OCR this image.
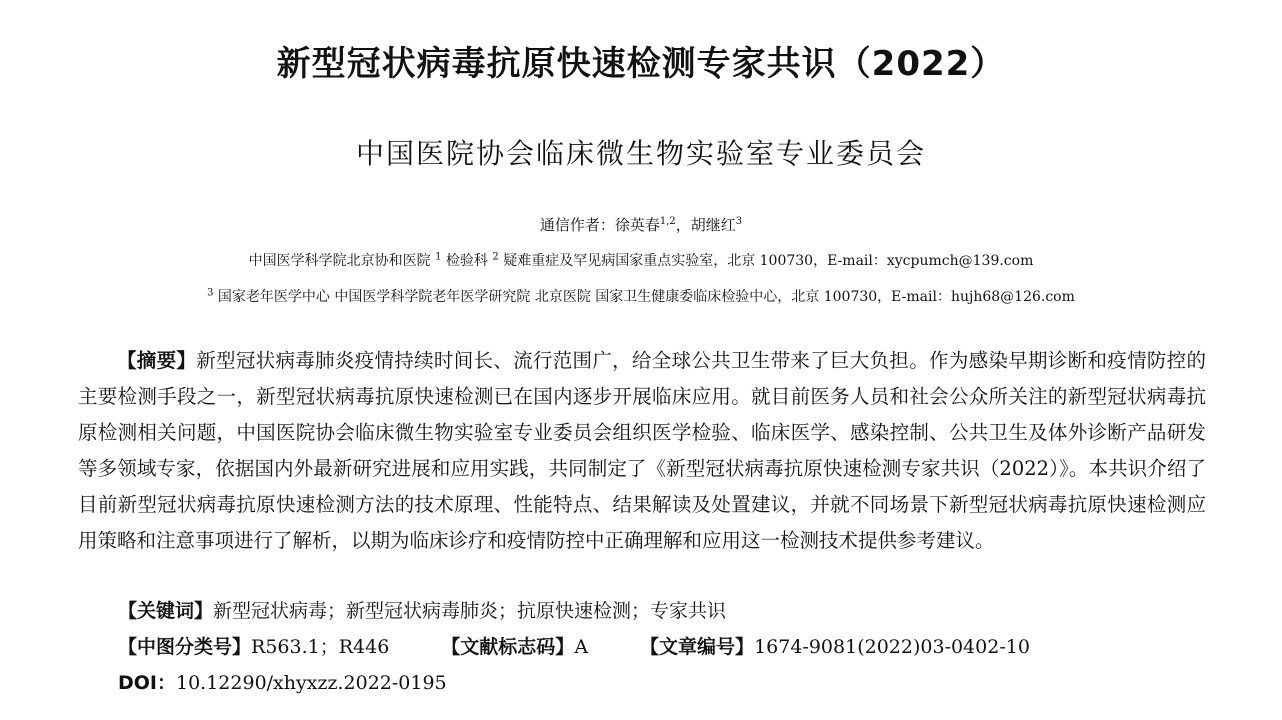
新型冠状病毒抗原快速检测专家共识（2022）
中国医院协会临床微生物实验室专业委员会
通信作者：徐英春$^{1,2}$，胡继红$^3$
中国医学科学院北京协和医院 $^1$ 检验科 $^2$ 疑难重症及罕见病国家重点实验室，北京 100730，E-mail：xycpumch@139.com
$^3$ 国家老年医学中心 中国医学科学院老年医学研究院 北京医院 国家卫生健康委临床检验中心，北京 100730，E-mail：hujh68@126.com

【摘要】新型冠状病毒肺炎疫情持续时间长、流行范围广，给全球公共卫生带来了巨大负担。作为感染早期诊断和疫情防控的主要检测手段之一，新型冠状病毒抗原快速检测已在国内逐步开展临床应用。就目前医务人员和社会公众所关注的新型冠状病毒抗原检测相关问题，中国医院协会临床微生物实验室专业委员会组织医学检验、临床医学、感染控制、公共卫生及体外诊断产品研发等多领域专家，依据国内外最新研究进展和应用实践，共同制定了《新型冠状病毒抗原快速检测专家共识（2022）》。本共识介绍了目前新型冠状病毒抗原快速检测方法的技术原理、性能特点、结果解读及处置建议，并就不同场景下新型冠状病毒抗原快速检测应用策略和注意事项进行了解析，以期为临床诊疗和疫情防控中正确理解和应用这一检测技术提供参考建议。

【关键词】新型冠状病毒；新型冠状病毒肺炎；抗原快速检测；专家共识
【中图分类号】R563.1；R446	【文献标志码】A	【文章编号】1674-9081(2022)03-0402-10
DOI：10.12290/xhyxzz.2022-0195
